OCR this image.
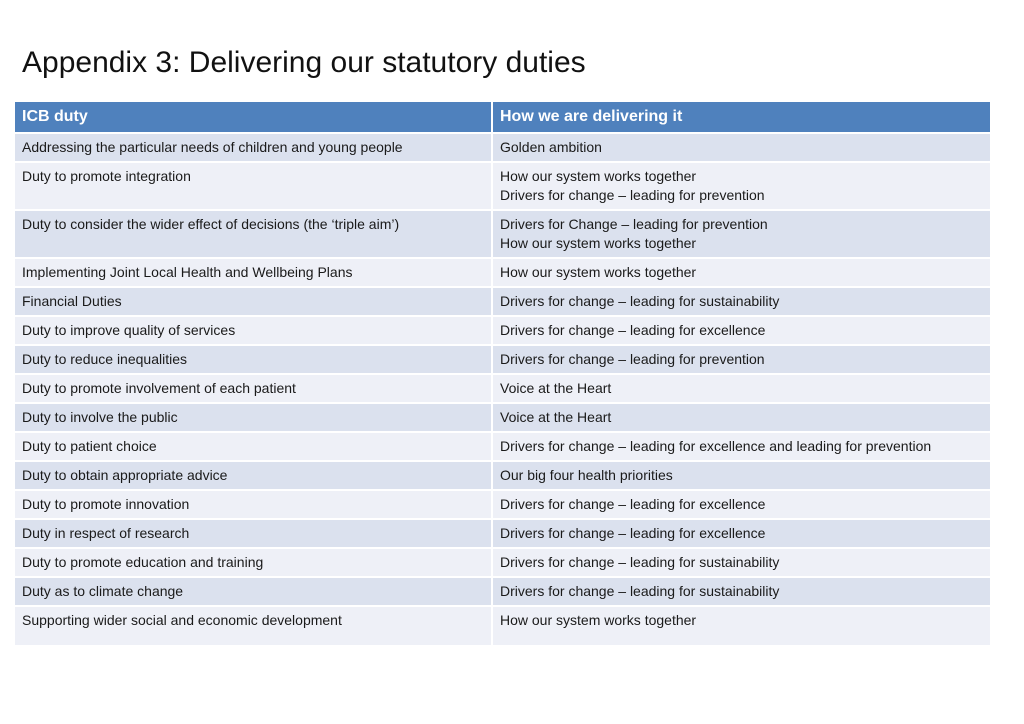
Appendix 3: Delivering our statutory duties
ICB duty	How we are delivering it
Addressing the particular needs of children and young people	Golden ambition

Duty to promote integration	How our system works together
Drivers for change – leading for prevention

Duty to consider the wider effect of decisions (the ‘triple aim’)	Drivers for Change – leading for prevention
How our system works together

Implementing Joint Local Health and Wellbeing Plans	How our system works together

Financial Duties	Drivers for change – leading for sustainability

Duty to improve quality of services	Drivers for change – leading for excellence

Duty to reduce inequalities	Drivers for change – leading for prevention

Duty to promote involvement of each patient	Voice at the Heart

Duty to involve the public	Voice at the Heart

Duty to patient choice	Drivers for change – leading for excellence and leading for prevention

Duty to obtain appropriate advice	Our big four health priorities

Duty to promote innovation	Drivers for change – leading for excellence

Duty in respect of research	Drivers for change – leading for excellence

Duty to promote education and training	Drivers for change – leading for sustainability

Duty as to climate change	Drivers for change – leading for sustainability

Supporting wider social and economic development	How our system works together
